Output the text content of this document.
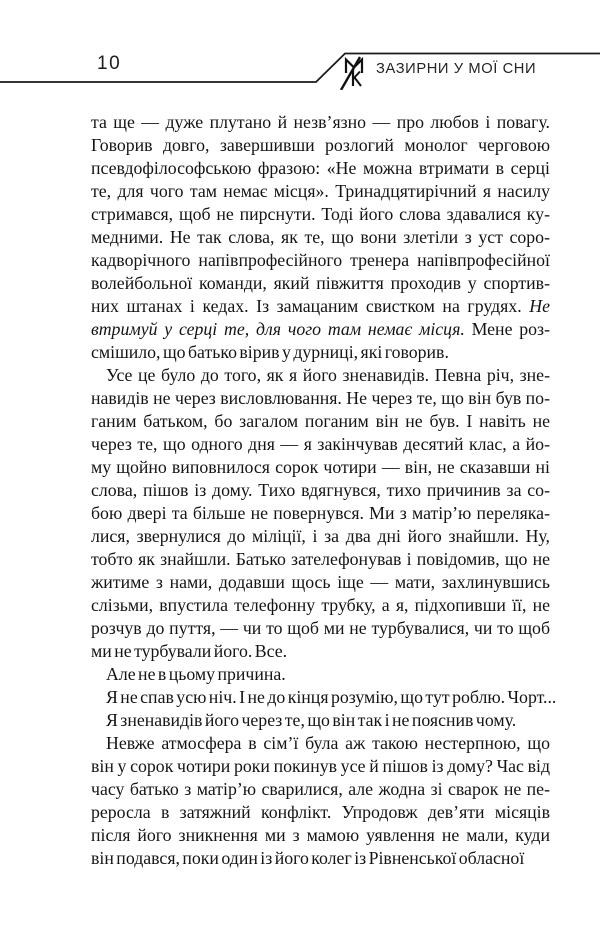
10	ЗАЗИРНИ У МОЇ СНИ
та ще — дуже плутано й незв’язно — про любов і повагу.
Говорив довго, завершивши розлогий монолог черговою
псевдофілософською фразою: «Не можна втримати в серці
те, для чого там немає місця». Тринадцятирічний я насилу
стримався, щоб не пирснути. Тоді його слова здавалися ку-
медними. Не так слова, як те, що вони злетіли з уст соро-
кадворічного напівпрофесійного тренера напівпрофесійної
волейбольної команди, який півжиття проходив у спортив-
них штанах і кедах. Із замацаним свистком на грудях. Не
втримуй у серці те, для чого там немає місця. Мене роз-
смішило, що батько вірив у дурниці, які говорив.
Усе це було до того, як я його зненавидів. Певна річ, зне-
навидів не через висловлювання. Не через те, що він був по-
ганим батьком, бо загалом поганим він не був. І навіть не
через те, що одного дня — я закінчував десятий клас, а йо-
му щойно виповнилося сорок чотири — він, не сказавши ні
слова, пішов із дому. Тихо вдягнувся, тихо причинив за со-
бою двері та більше не повернувся. Ми з матір’ю переляка-
лися, звернулися до міліції, і за два дні його знайшли. Ну,
тобто як знайшли. Батько зателефонував і повідомив, що не
житиме з нами, додавши щось іще — мати, захлинувшись
слізьми, впустила телефонну трубку, а я, підхопивши її, не
розчув до пуття, — чи то щоб ми не турбувалися, чи то щоб
ми не турбували його. Все.
Але не в цьому причина.
Я не спав усю ніч. І не до кінця розумію, що тут роблю. Чорт...
Я зненавидів його через те, що він так і не пояснив чому.
Невже атмосфера в сім’ї була аж такою нестерпною, що
він у сорок чотири роки покинув усе й пішов із дому? Час від
часу батько з матір’ю сварилися, але жодна зі сварок не пе-
реросла в затяжний конфлікт. Упродовж дев’яти місяців
після його зникнення ми з мамою уявлення не мали, куди
він подався, поки один із його колег із Рівненської обласної
